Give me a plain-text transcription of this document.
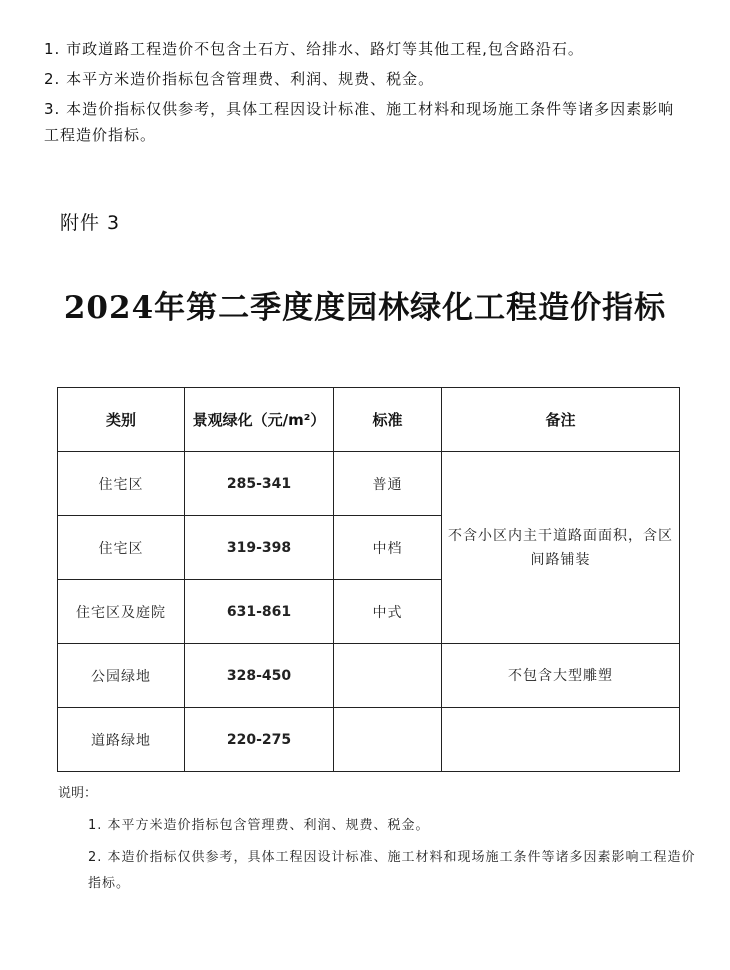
1. 市政道路工程造价不包含土石方、给排水、路灯等其他工程,包含路沿石。

2. 本平方米造价指标包含管理费、利润、规费、税金。

3. 本造价指标仅供参考，具体工程因设计标准、施工材料和现场施工条件等诸多因素影响工程造价指标。

附件 3
2024年第二季度度园林绿化工程造价指标
类别	景观绿化（元/m²）	标准	备注
住宅区	285-341	普通	不含小区内主干道路面面积，含区间路铺装
住宅区	319-398	中档	
住宅区及庭院	631-861	中式	
公园绿地	328-450		不包含大型雕塑
道路绿地	220-275		

说明：

1. 本平方米造价指标包含管理费、利润、规费、税金。

2. 本造价指标仅供参考，具体工程因设计标准、施工材料和现场施工条件等诸多因素影响工程造价指标。
